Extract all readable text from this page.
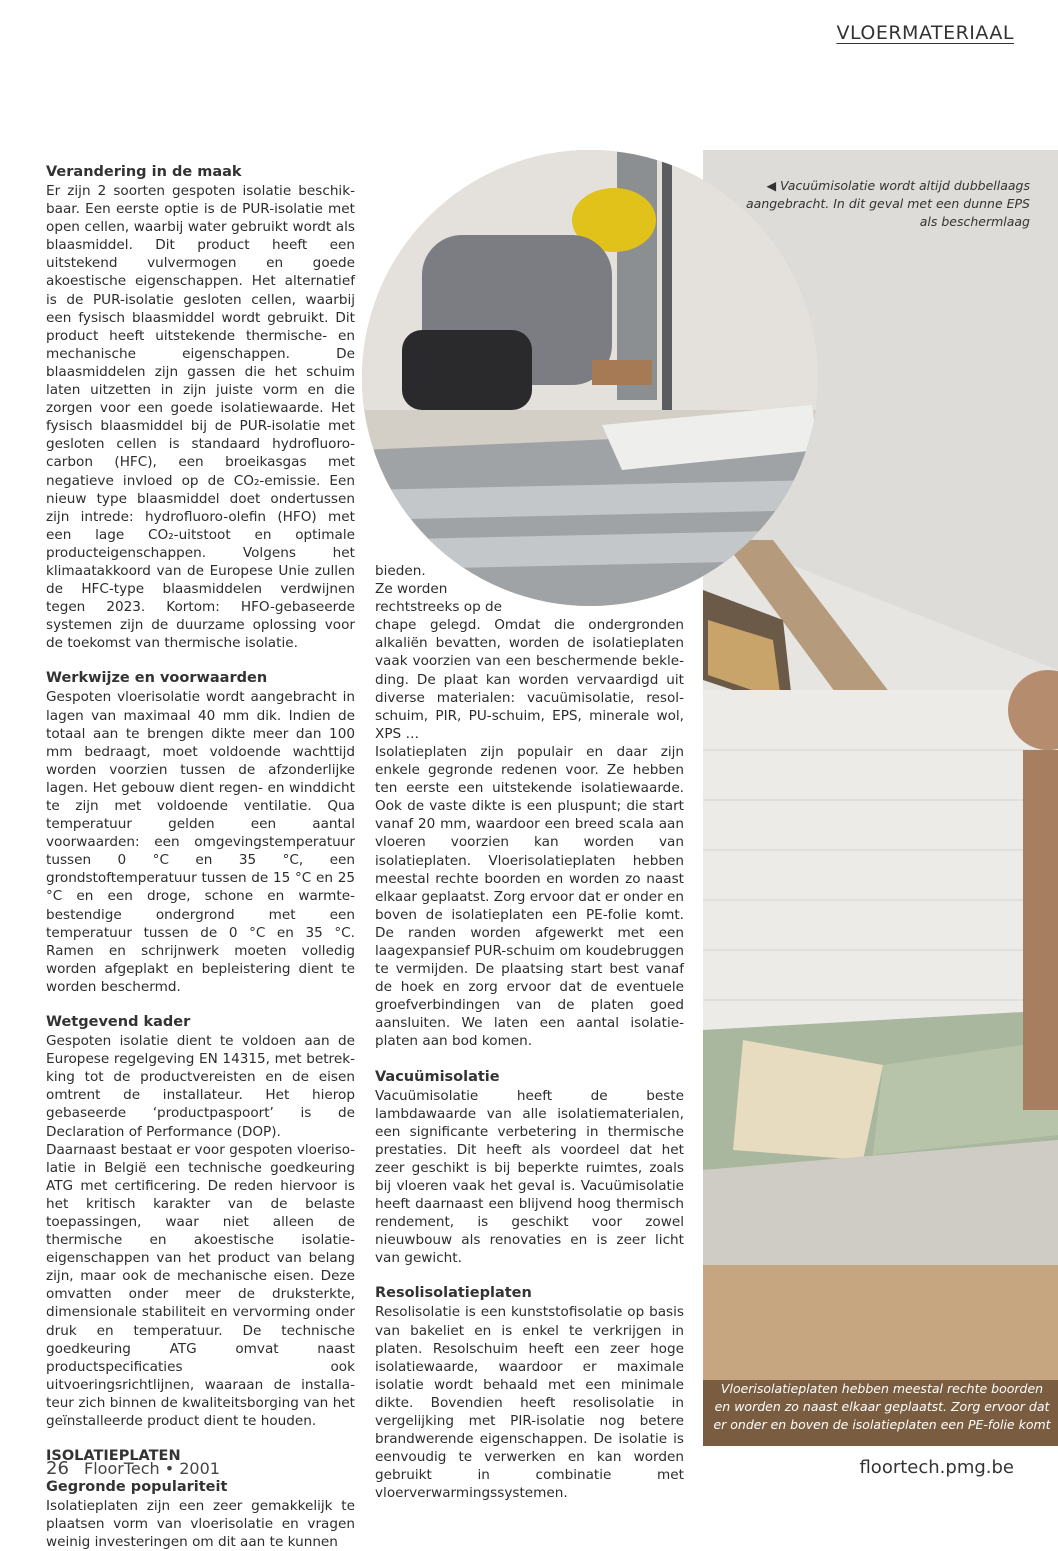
VLOERMATERIAAL
◀ Vacuümisolatie wordt altijd dubbellaags aangebracht. In dit geval met een dunne EPS als beschermlaag
Vloerisolatieplaten hebben meestal rechte boorden en worden zo naast elkaar geplaatst. Zorg ervoor dat er onder en boven de isolatieplaten een PE-folie komt
Verandering in de maak

Er zijn 2 soorten gespoten isolatie beschikbaar. Een eerste optie is de PUR-isolatie met open cellen, waarbij water gebruikt wordt als blaasmiddel. Dit product heeft een uitstekend vulvermogen en goede akoestische eigenschappen. Het alternatief is de PUR-isolatie gesloten cellen, waarbij een fysisch blaasmiddel wordt gebruikt. Dit product heeft uitstekende thermische- en mechanische eigenschappen. De blaasmiddelen zijn gassen die het schuim laten uitzetten in zijn juiste vorm en die zorgen voor een goede isolatiewaarde. Het fysisch blaasmiddel bij de PUR-isolatie met gesloten cellen is standaard hydrofluorocarbon (HFC), een broeikasgas met negatieve invloed op de CO₂-emissie. Een nieuw type blaasmiddel doet ondertussen zijn intrede: hydrofluoro-olefin (HFO) met een lage CO₂-uitstoot en optimale producteigenschappen. Volgens het klimaatakkoord van de Europese Unie zullen de HFC-type blaasmiddelen verdwijnen tegen 2023. Kortom: HFO-gebaseerde systemen zijn de duurzame oplossing voor de toekomst van thermische isolatie.

Werkwijze en voorwaarden

Gespoten vloerisolatie wordt aangebracht in lagen van maximaal 40 mm dik. Indien de totaal aan te brengen dikte meer dan 100 mm bedraagt, moet voldoende wachttijd worden voorzien tussen de afzonderlijke lagen. Het gebouw dient regen- en winddicht te zijn met voldoende ventilatie. Qua temperatuur gelden een aantal voorwaarden: een omgevingstemperatuur tussen 0 °C en 35 °C, een grondstoftemperatuur tussen de 15 °C en 25 °C en een droge, schone en warmtebestendige ondergrond met een temperatuur tussen de 0 °C en 35 °C. Ramen en schrijnwerk moeten volledig worden afgeplakt en bepleistering dient te worden beschermd.

Wetgevend kader

Gespoten isolatie dient te voldoen aan de Europese regelgeving EN 14315, met betrekking tot de productvereisten en de eisen omtrent de installateur. Het hierop gebaseerde ‘productpaspoort’ is de Declaration of Performance (DOP).

Daarnaast bestaat er voor gespoten vloerisolatie in België een technische goedkeuring ATG met certificering. De reden hiervoor is het kritisch karakter van de belaste toepassingen, waar niet alleen de thermische en akoestische isolatie-eigenschappen van het product van belang zijn, maar ook de mechanische eisen. Deze omvatten onder meer de druksterkte, dimensionale stabiliteit en vervorming onder druk en temperatuur. De technische goedkeuring ATG omvat naast productspecificaties ook uitvoeringsrichtlijnen, waaraan de installateur zich binnen de kwaliteitsborging van het geïnstalleerde product dient te houden.

ISOLATIEPLATEN
Gegronde populariteit

Isolatieplaten zijn een zeer gemakkelijk te plaatsen vorm van vloerisolatie en vragen weinig investeringen om dit aan te kunnen

bieden.

Ze worden

rechtstreeks op de

chape gelegd. Omdat die ondergronden alkaliën bevatten, worden de isolatieplaten vaak voorzien van een beschermende bekleding. De plaat kan worden vervaardigd uit diverse materialen: vacuümisolatie, resolschuim, PIR, PU-schuim, EPS, minerale wol, XPS …

Isolatieplaten zijn populair en daar zijn enkele gegronde redenen voor. Ze hebben ten eerste een uitstekende isolatiewaarde. Ook de vaste dikte is een pluspunt; die start vanaf 20 mm, waardoor een breed scala aan vloeren voorzien kan worden van isolatieplaten. Vloerisolatieplaten hebben meestal rechte boorden en worden zo naast elkaar geplaatst. Zorg ervoor dat er onder en boven de isolatieplaten een PE-folie komt. De randen worden afgewerkt met een laagexpansief PUR-schuim om koudebruggen te vermijden. De plaatsing start best vanaf de hoek en zorg ervoor dat de eventuele groefverbindingen van de platen goed aansluiten. We laten een aantal isolatieplaten aan bod komen.

Vacuümisolatie

Vacuümisolatie heeft de beste lambdawaarde van alle isolatiematerialen, een significante verbetering in thermische prestaties. Dit heeft als voordeel dat het zeer geschikt is bij beperkte ruimtes, zoals bij vloeren vaak het geval is. Vacuümisolatie heeft daarnaast een blijvend hoog thermisch rendement, is geschikt voor zowel nieuwbouw als renovaties en is zeer licht van gewicht.

Resolisolatieplaten

Resolisolatie is een kunststofisolatie op basis van bakeliet en is enkel te verkrijgen in platen. Resolschuim heeft een zeer hoge isolatiewaarde, waardoor er maximale isolatie wordt behaald met een minimale dikte. Bovendien heeft resolisolatie in vergelijking met PIR-isolatie nog betere brandwerende eigenschappen. De isolatie is eenvoudig te verwerken en kan worden gebruikt in combinatie met vloerverwarmingssystemen.

26 FloorTech • 2001	floortech.pmg.be
